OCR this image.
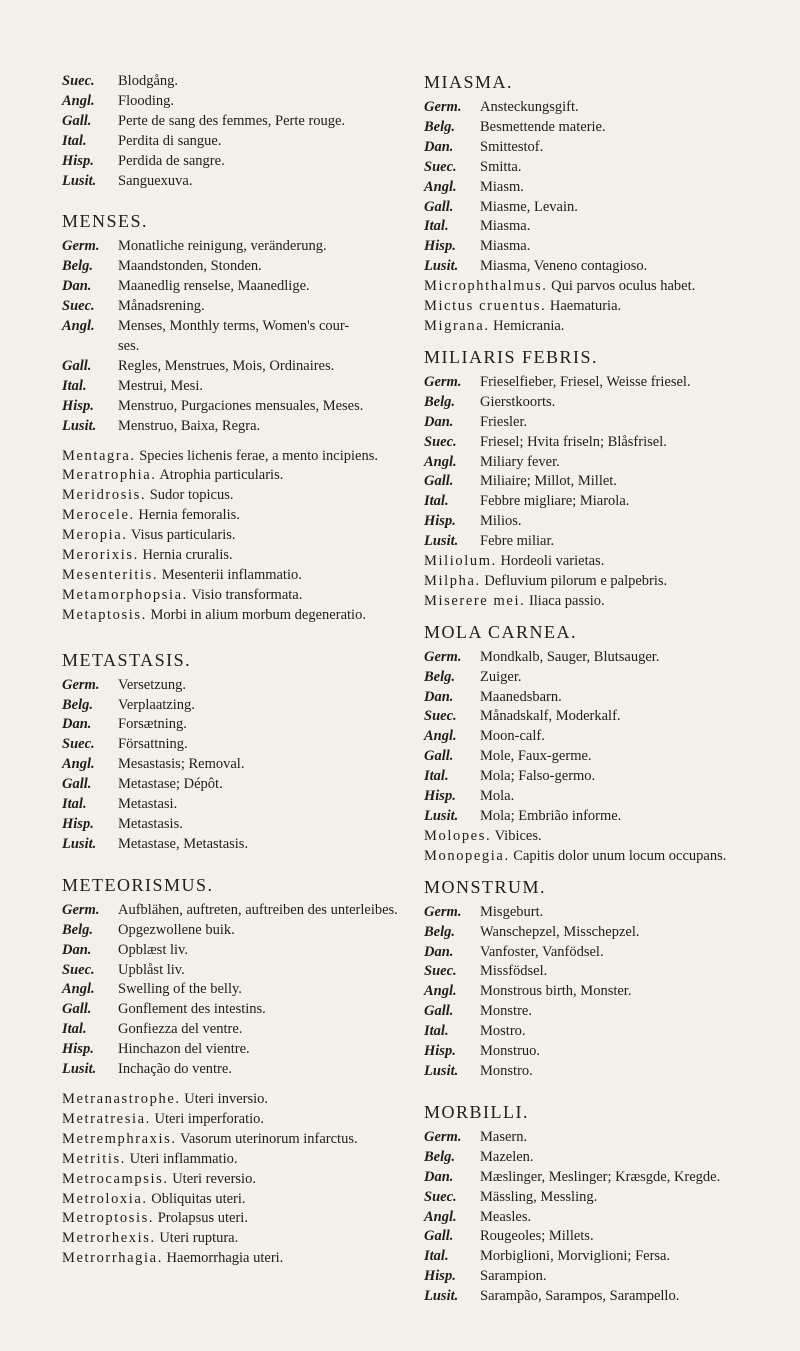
Suec.	Blodgång.
Angl.	Flooding.
Gall.	Perte de sang des femmes, Perte rouge.
Ital.	Perdita di sangue.
Hisp.	Perdida de sangre.
Lusit.	Sanguexuva.
MENSES.
Germ.	Monatliche reinigung, veränderung.
Belg.	Maandstonden, Stonden.
Dan.	Maanedlig renselse, Maanedlige.
Suec.	Månadsrening.
Angl.	Menses, Monthly terms, Women's cour-
ses.
Gall.	Regles, Menstrues, Mois, Ordinaires.
Ital.	Mestrui, Mesi.
Hisp.	Menstruo, Purgaciones mensuales, Meses.
Lusit.	Menstruo, Baixa, Regra.
Mentagra. Species lichenis ferae, a mento incipiens.
Meratrophia. Atrophia particularis.
Meridrosis. Sudor topicus.
Merocele. Hernia femoralis.
Meropia. Visus particularis.
Merorixis. Hernia cruralis.
Mesenteritis. Mesenterii inflammatio.
Metamorphopsia. Visio transformata.
Metaptosis. Morbi in alium morbum degeneratio.
METASTASIS.
Germ.	Versetzung.
Belg.	Verplaatzing.
Dan.	Forsætning.
Suec.	Försattning.
Angl.	Mesastasis; Removal.
Gall.	Metastase; Dépôt.
Ital.	Metastasi.
Hisp.	Metastasis.
Lusit.	Metastase, Metastasis.
METEORISMUS.
Germ.	Aufblähen, auftreten, auftreiben des unterleibes.
Belg.	Opgezwollene buik.
Dan.	Opblæst liv.
Suec.	Upblåst liv.
Angl.	Swelling of the belly.
Gall.	Gonflement des intestins.
Ital.	Gonfiezza del ventre.
Hisp.	Hinchazon del vientre.
Lusit.	Inchação do ventre.
Metranastrophe. Uteri inversio.
Metratresia. Uteri imperforatio.
Metremphraxis. Vasorum uterinorum infarctus.
Metritis. Uteri inflammatio.
Metrocampsis. Uteri reversio.
Metroloxia. Obliquitas uteri.
Metroptosis. Prolapsus uteri.
Metrorhexis. Uteri ruptura.
Metrorrhagia. Haemorrhagia uteri.
MIASMA.
Germ.	Ansteckungsgift.
Belg.	Besmettende materie.
Dan.	Smittestof.
Suec.	Smitta.
Angl.	Miasm.
Gall.	Miasme, Levain.
Ital.	Miasma.
Hisp.	Miasma.
Lusit.	Miasma, Veneno contagioso.
Microphthalmus. Qui parvos oculus habet.
Mictus cruentus. Haematuria.
Migrana. Hemicrania.
MILIARIS FEBRIS.
Germ.	Frieselfieber, Friesel, Weisse friesel.
Belg.	Gierstkoorts.
Dan.	Friesler.
Suec.	Friesel; Hvita friseln; Blåsfrisel.
Angl.	Miliary fever.
Gall.	Miliaire; Millot, Millet.
Ital.	Febbre migliare; Miarola.
Hisp.	Milios.
Lusit.	Febre miliar.
Miliolum. Hordeoli varietas.
Milpha. Defluvium pilorum e palpebris.
Miserere mei. Iliaca passio.
MOLA CARNEA.
Germ.	Mondkalb, Sauger, Blutsauger.
Belg.	Zuiger.
Dan.	Maanedsbarn.
Suec.	Månadskalf, Moderkalf.
Angl.	Moon-calf.
Gall.	Mole, Faux-germe.
Ital.	Mola; Falso-germo.
Hisp.	Mola.
Lusit.	Mola; Embrião informe.
Molopes. Vibices.
Monopegia. Capitis dolor unum locum occupans.
MONSTRUM.
Germ.	Misgeburt.
Belg.	Wanschepzel, Misschepzel.
Dan.	Vanfoster, Vanfödsel.
Suec.	Missfödsel.
Angl.	Monstrous birth, Monster.
Gall.	Monstre.
Ital.	Mostro.
Hisp.	Monstruo.
Lusit.	Monstro.
MORBILLI.
Germ.	Masern.
Belg.	Mazelen.
Dan.	Mæslinger, Meslinger; Kræsgde, Kregde.
Suec.	Mässling, Messling.
Angl.	Measles.
Gall.	Rougeoles; Millets.
Ital.	Morbiglioni, Morviglioni; Fersa.
Hisp.	Sarampion.
Lusit.	Sarampão, Sarampos, Sarampello.
